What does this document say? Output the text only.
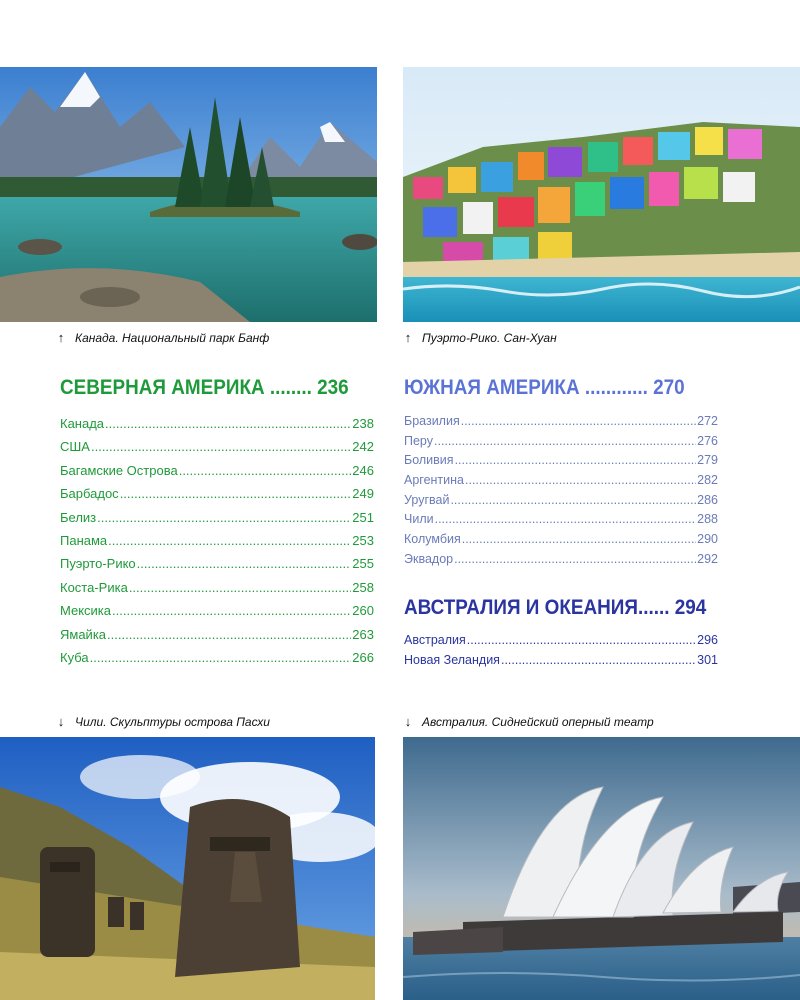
↑ Канада. Национальный парк Банф	↑ Пуэрто-Рико. Сан-Хуан
СЕВЕРНАЯ АМЕРИКА ........ 236
Канада .....	238
США .....	242
Багамские Острова .....	246
Барбадос .....	249
Белиз .....	251
Панама .....	253
Пуэрто-Рико .....	255
Коста-Рика .....	258
Мексика .....	260
Ямайка .....	263
Куба .....	266
ЮЖНАЯ АМЕРИКА ............ 270
Бразилия .....	272
Перу .....	276
Боливия .....	279
Аргентина .....	282
Уругвай .....	286
Чили .....	288
Колумбия .....	290
Эквадор .....	292
АВСТРАЛИЯ И ОКЕАНИЯ...... 294
Австралия .....	296
Новая Зеландия .....	301
↓ Чили. Скульптуры острова Пасхи	↓ Австралия. Сиднейский оперный театр
